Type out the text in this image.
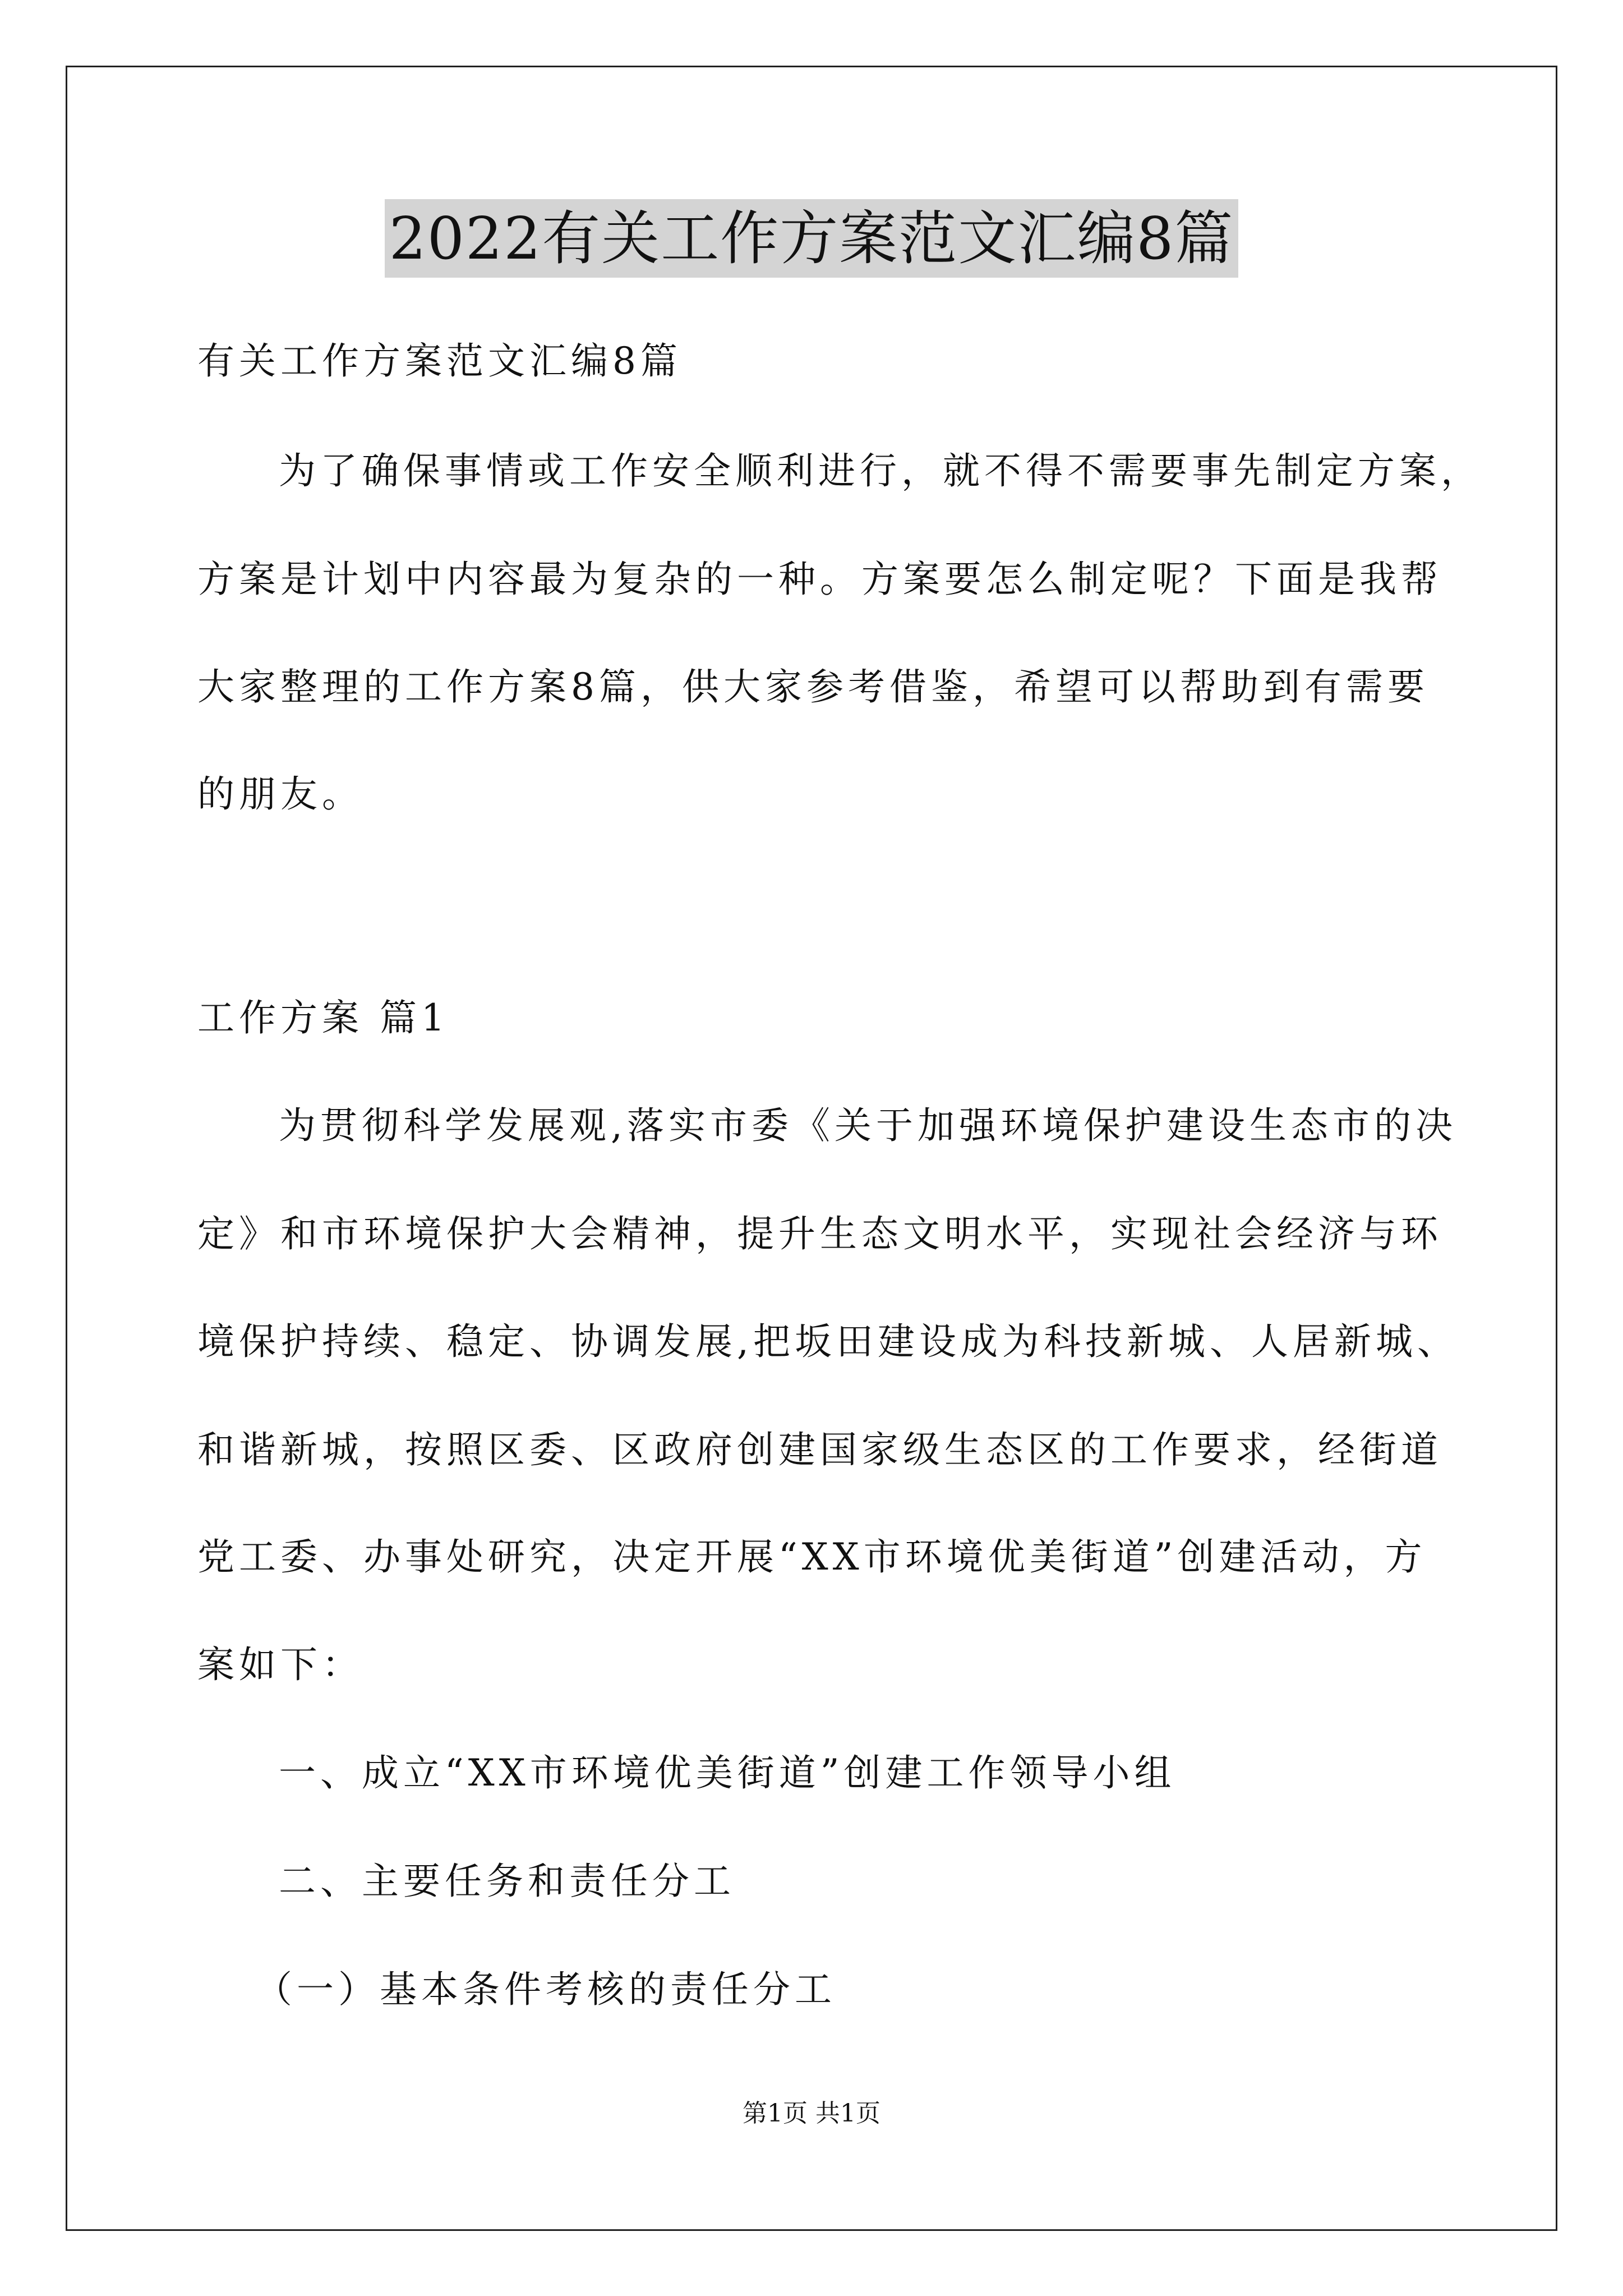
2022有关工作方案范文汇编8篇

有关工作方案范文汇编8篇

为了确保事情或工作安全顺利进行，就不得不需要事先制定方案，

方案是计划中内容最为复杂的一种。方案要怎么制定呢？下面是我帮

大家整理的工作方案8篇，供大家参考借鉴，希望可以帮助到有需要

的朋友。

工作方案 篇1

为贯彻科学发展观,落实市委《关于加强环境保护建设生态市的决

定》和市环境保护大会精神，提升生态文明水平，实现社会经济与环

境保护持续、稳定、协调发展,把坂田建设成为科技新城、人居新城、

和谐新城，按照区委、区政府创建国家级生态区的工作要求，经街道

党工委、办事处研究，决定开展“XX市环境优美街道”创建活动，方

案如下：

一、成立“XX市环境优美街道”创建工作领导小组

二、主要任务和责任分工

（一）基本条件考核的责任分工

第1页 共1页
